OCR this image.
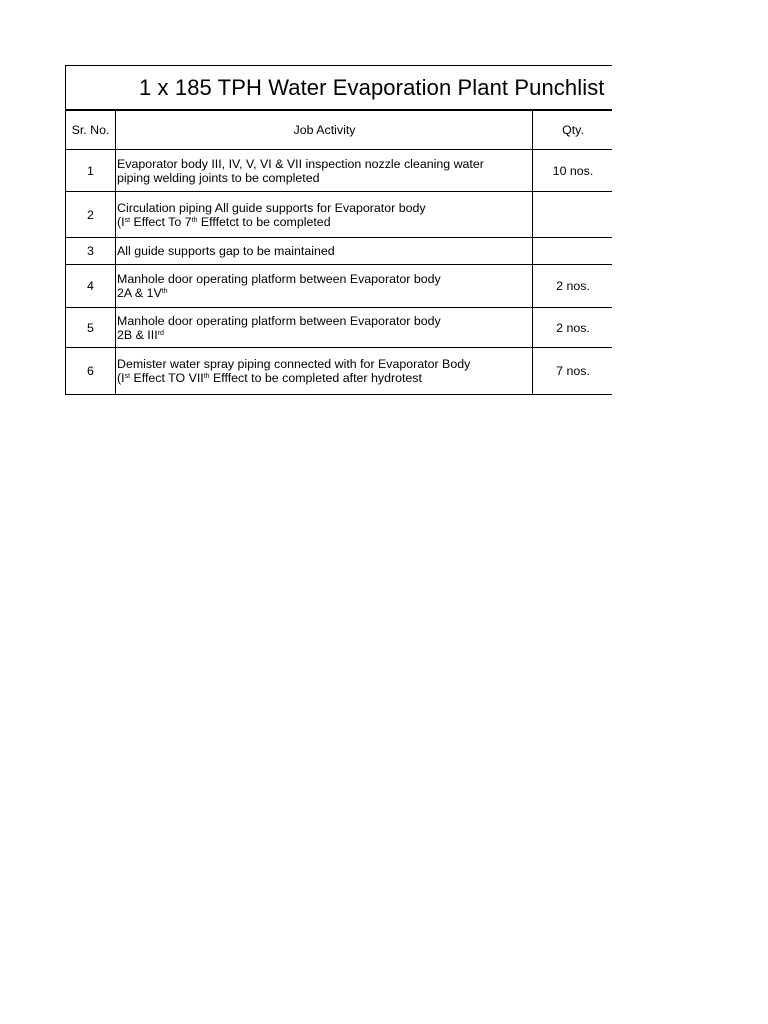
1 x 185 TPH Water Evaporation Plant Punchlist
Sr. No.	Job Activity	Qty.
1	Evaporator body III, IV, V, VI & VII inspection nozzle cleaning water
piping welding joints to be completed	10 nos.
2	Circulation piping All guide supports for Evaporator body
(Ist Effect To 7th Efffetct to be completed	
3	All guide supports gap to be maintained	
4	Manhole door operating platform between Evaporator body
2A & 1Vth	2 nos.
5	Manhole door operating platform between Evaporator body
2B & IIIrd	2 nos.
6	Demister water spray piping connected with for Evaporator Body
(Ist Effect TO VIIth Efffect to be completed after hydrotest	7 nos.
